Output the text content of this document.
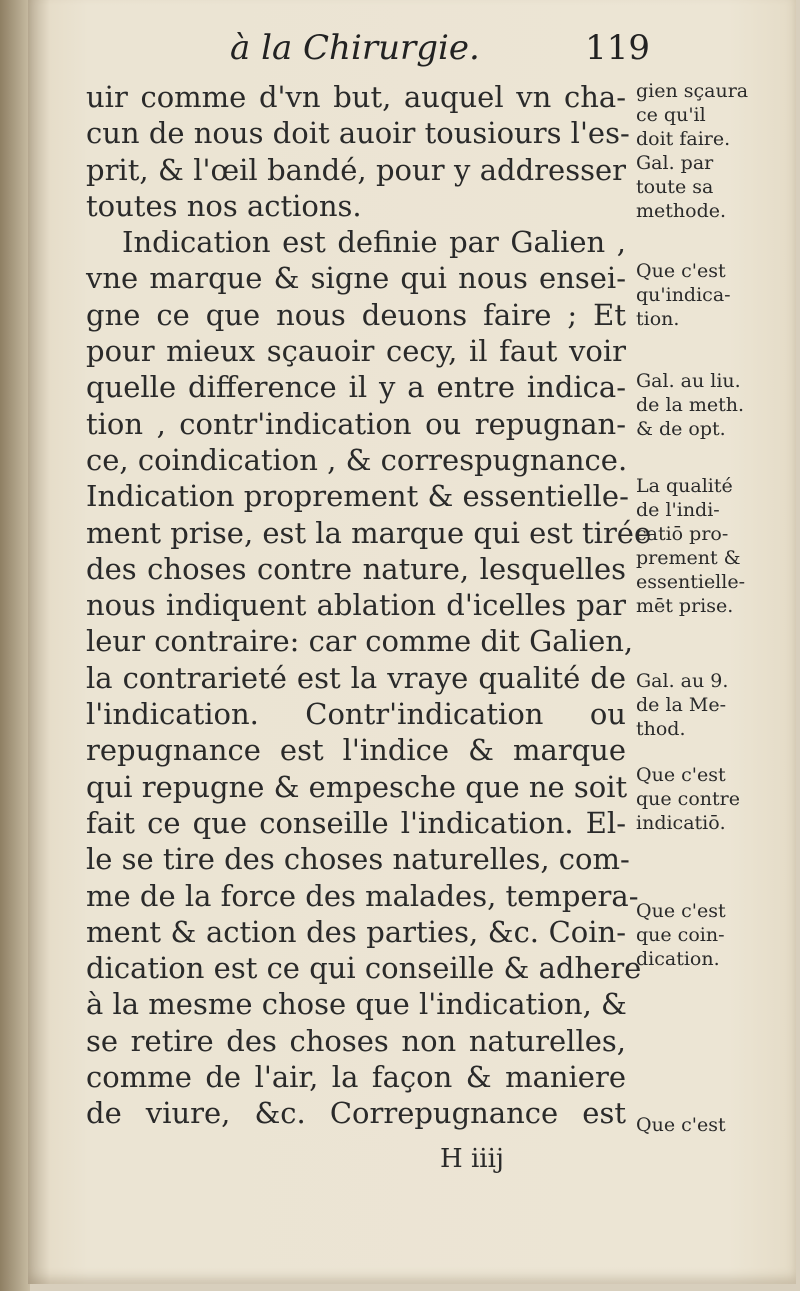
à la Chirurgie.	119
uir comme d'vn but, auquel vn cha-
cun de nous doit auoir tousiours l'es-
prit, & l'œil bandé, pour y addresser
toutes nos actions.
Indication est definie par Galien ,
vne marque & signe qui nous ensei-
gne ce que nous deuons faire ; Et
pour mieux sçauoir cecy, il faut voir
quelle difference il y a entre indica-
tion , contr'indication ou repugnan-
ce, coindication , & correspugnance.
Indication proprement & essentielle-
ment prise, est la marque qui est tirée
des choses contre nature, lesquelles
nous indiquent ablation d'icelles par
leur contraire: car comme dit Galien,
la contrarieté est la vraye qualité de
l'indication. Contr'indication ou
repugnance est l'indice & marque
qui repugne & empesche que ne soit
fait ce que conseille l'indication. El-
le se tire des choses naturelles, com-
me de la force des malades, tempera-
ment & action des parties, &c. Coin-
dication est ce qui conseille & adhere
à la mesme chose que l'indication, &
se retire des choses non naturelles,
comme de l'air, la façon & maniere
de viure, &c. Correpugnance est
gien sçaura
ce qu'il
doit faire.
Gal. par
toute sa
methode.
Que c'est
qu'indica-
tion.
Gal. au liu.
de la meth.
& de opt.
La qualité
de l'indi-
catiō pro-
prement &
essentielle-
mēt prise.
Gal. au 9.
de la Me-
thod.
Que c'est
que contre
indicatiō.
Que c'est
que coin-
dication.
Que c'est
H iiij
